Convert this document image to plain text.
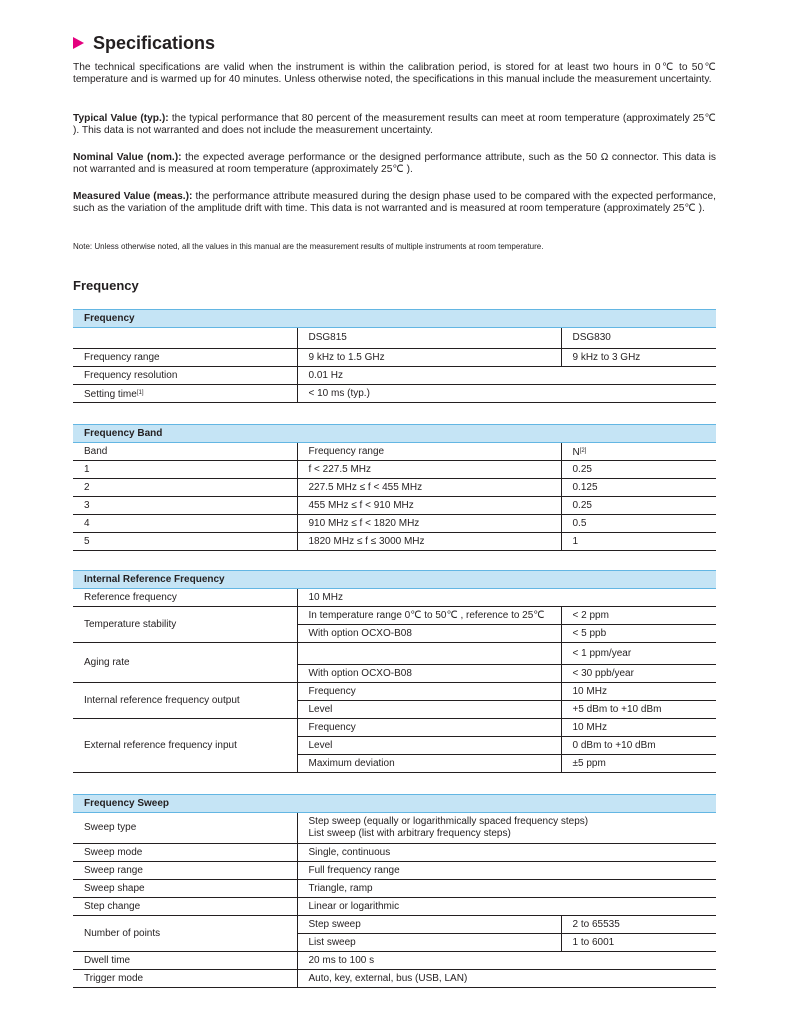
Specifications

The technical specifications are valid when the instrument is within the calibration period, is stored for at least two hours in 0℃ to 50℃ temperature and is warmed up for 40 minutes. Unless otherwise noted, the specifications in this manual include the measurement uncertainty.

Typical Value (typ.): the typical performance that 80 percent of the measurement results can meet at room temperature (approximately 25℃ ). This data is not warranted and does not include the measurement uncertainty.

Nominal Value (nom.): the expected average performance or the designed performance attribute, such as the 50 Ω connector. This data is not warranted and is measured at room temperature (approximately 25℃ ).

Measured Value (meas.): the performance attribute measured during the design phase used to be compared with the expected performance, such as the variation of the amplitude drift with time. This data is not warranted and is measured at room temperature (approximately 25℃ ).

Note: Unless otherwise noted, all the values in this manual are the measurement results of multiple instruments at room temperature.

Frequency
Frequency		
	DSG815	DSG830
Frequency range	9 kHz to 1.5 GHz	9 kHz to 3 GHz
Frequency resolution	0.01 Hz	
Setting time[1]	< 10 ms (typ.)	
Frequency Band		
Band	Frequency range	N[2]
1	f < 227.5 MHz	0.25
2	227.5 MHz ≤ f < 455 MHz	0.125
3	455 MHz ≤ f < 910 MHz	0.25
4	910 MHz ≤ f < 1820 MHz	0.5
5	1820 MHz ≤ f ≤ 3000 MHz	1
Internal Reference Frequency		
Reference frequency	10 MHz	
Temperature stability	In temperature range 0℃ to 50℃ , reference to 25℃	< 2 ppm
	With option OCXO-B08	< 5 ppb
Aging rate		< 1 ppm/year
	With option OCXO-B08	< 30 ppb/year
Internal reference frequency output	Frequency	10 MHz
	Level	+5 dBm to +10 dBm
External reference frequency input	Frequency	10 MHz
	Level	0 dBm to +10 dBm
	Maximum deviation	±5 ppm
Frequency Sweep		
Sweep type	Step sweep (equally or logarithmically spaced frequency steps)
List sweep (list with arbitrary frequency steps)	

Sweep mode	Single, continuous	
Sweep range	Full frequency range	
Sweep shape	Triangle, ramp	
Step change	Linear or logarithmic	
Number of points	Step sweep	2 to 65535
	List sweep	1 to 6001
Dwell time	20 ms to 100 s	
Trigger mode	Auto, key, external, bus (USB, LAN)	
